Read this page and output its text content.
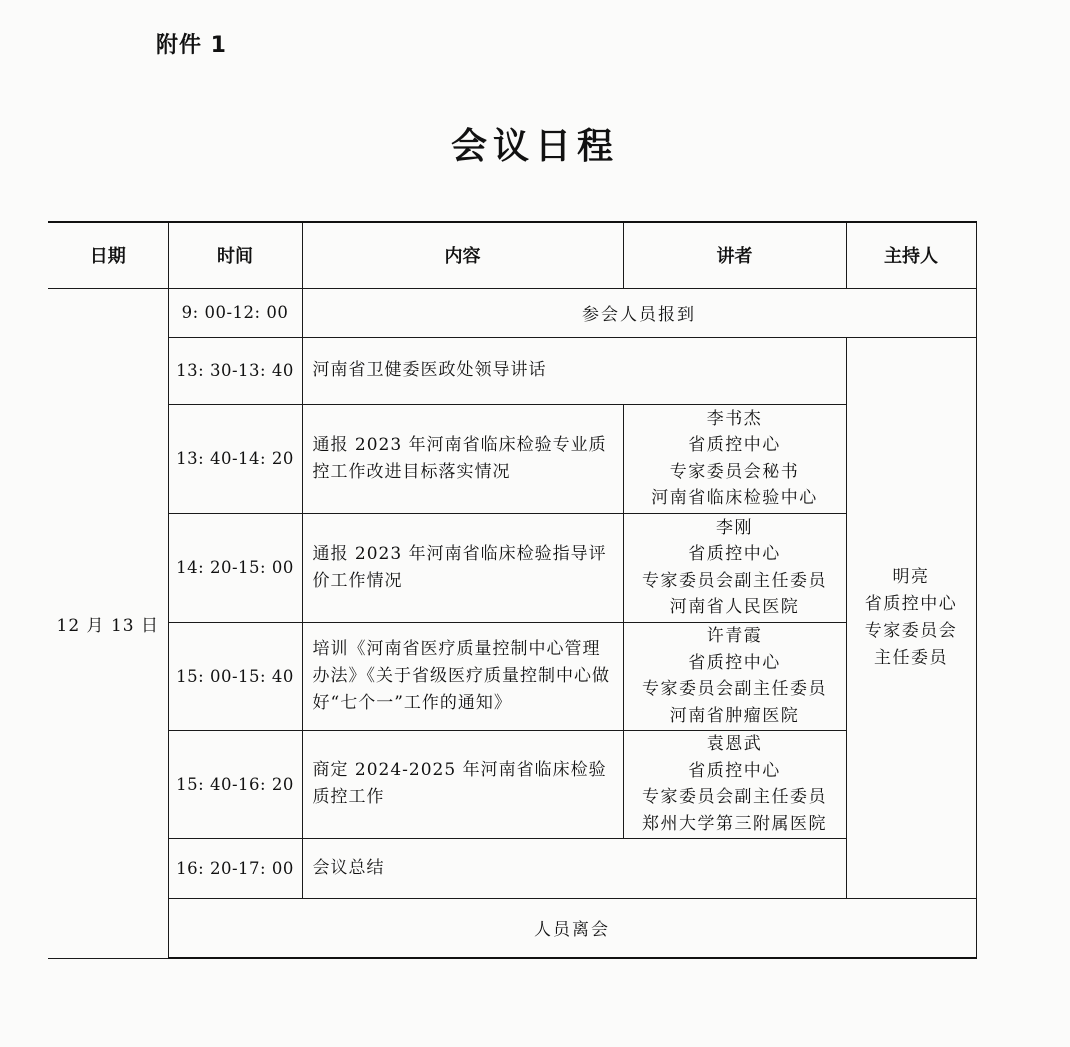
附件 1
会议日程
日期	时间	内容	讲者	主持人
12 月 13 日	9: 00-12: 00	参会人员报到		
	13: 30-13: 40	河南省卫健委医政处领导讲话		明亮
省质控中心
专家委员会
主任委员

	13: 40-14: 20	通报 2023 年河南省临床检验专业质控工作改进目标落实情况	李书杰
省质控中心
专家委员会秘书
河南省临床检验中心	

	14: 20-15: 00	通报 2023 年河南省临床检验指导评价工作情况	李刚
省质控中心
专家委员会副主任委员
河南省人民医院	

	15: 00-15: 40	培训《河南省医疗质量控制中心管理办法》《关于省级医疗质量控制中心做好“七个一”工作的通知》	许青霞
省质控中心
专家委员会副主任委员
河南省肿瘤医院	

	15: 40-16: 20	商定 2024-2025 年河南省临床检验质控工作	袁恩武
省质控中心
专家委员会副主任委员
郑州大学第三附属医院	

	16: 20-17: 00	会议总结		
	人员离会			
